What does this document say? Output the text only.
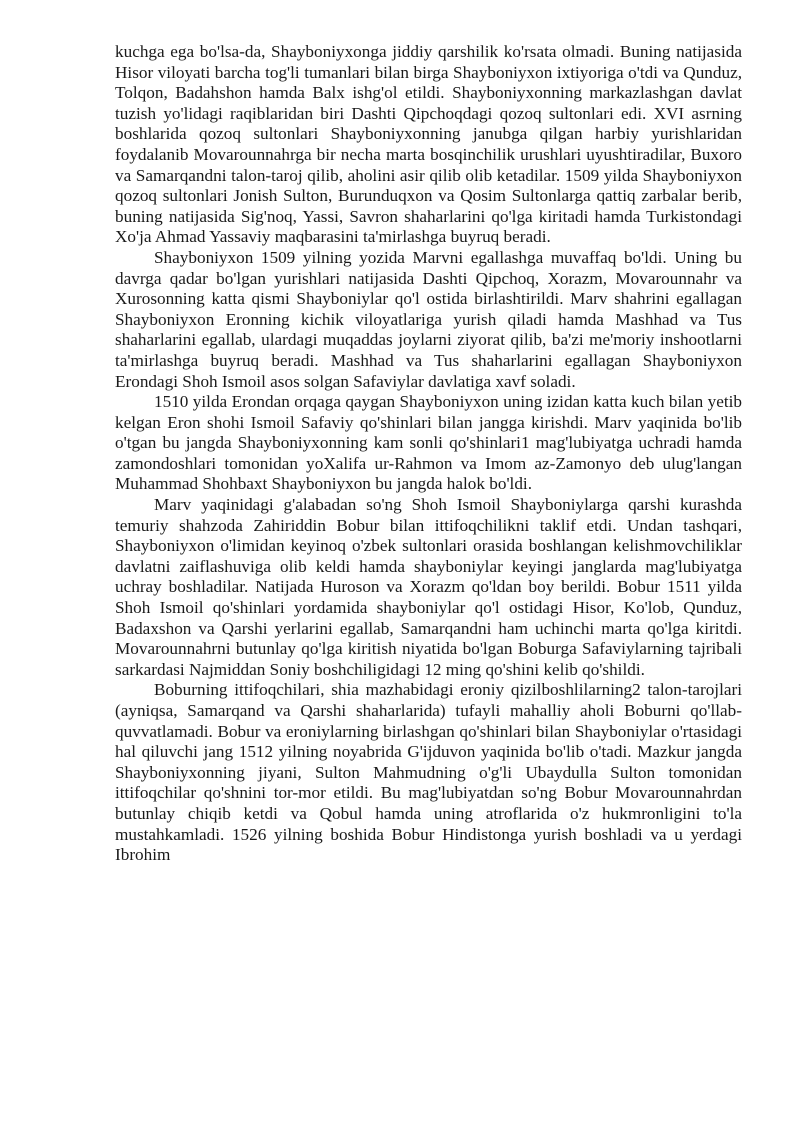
kuchga ega bo'lsa-da, Shayboniyxonga jiddiy qarshilik ko'rsata olmadi. Buning natijasida Hisor viloyati barcha tog'li tumanlari bilan birga Shayboniyxon ixtiyoriga o'tdi va Qunduz, Tolqon, Badahshon hamda Balx ishg'ol etildi. Shayboniyxonning markazlashgan davlat tuzish yo'lidagi raqiblaridan biri Dashti Qipchoqdagi qozoq sultonlari edi. XVI asrning boshlarida qozoq sultonlari Shayboniyxonning janubga qilgan harbiy yurishlaridan foydalanib Movarounnahrga bir necha marta bosqinchilik urushlari uyushtiradilar, Buxoro va Samarqandni talon-taroj qilib, aholini asir qilib olib ketadilar. 1509 yilda Shayboniyxon qozoq sultonlari Jonish Sulton, Burunduqxon va Qosim Sultonlarga qattiq zarbalar berib, buning natijasida Sig'noq, Yassi, Savron shaharlarini qo'lga kiritadi hamda Turkistondagi Xo'ja Ahmad Yassaviy maqbarasini ta'mirlashga buyruq beradi.

Shayboniyxon 1509 yilning yozida Marvni egallashga muvaffaq bo'ldi. Uning bu davrga qadar bo'lgan yurishlari natijasida Dashti Qipchoq, Xorazm, Movarounnahr va Xurosonning katta qismi Shayboniylar qo'l ostida birlashtirildi. Marv shahrini egallagan Shayboniyxon Eronning kichik viloyatlariga yurish qiladi hamda Mashhad va Tus shaharlarini egallab, ulardagi muqaddas joylarni ziyorat qilib, ba'zi me'moriy inshootlarni ta'mirlashga buyruq beradi. Mashhad va Tus shaharlarini egallagan Shayboniyxon Erondagi Shoh Ismoil asos solgan Safaviylar davlatiga xavf soladi.

1510 yilda Erondan orqaga qaygan Shayboniyxon uning izidan katta kuch bilan yetib kelgan Eron shohi Ismoil Safaviy qo'shinlari bilan jangga kirishdi. Marv yaqinida bo'lib o'tgan bu jangda Shayboniyxonning kam sonli qo'shinlari1 mag'lubiyatga uchradi hamda zamondoshlari tomonidan yoXalifa ur-Rahmon va Imom az-Zamonyo deb ulug'langan Muhammad Shohbaxt Shayboniyxon bu jangda halok bo'ldi.

Marv yaqinidagi g'alabadan so'ng Shoh Ismoil Shayboniylarga qarshi kurashda temuriy shahzoda Zahiriddin Bobur bilan ittifoqchilikni taklif etdi. Undan tashqari, Shayboniyxon o'limidan keyinoq o'zbek sultonlari orasida boshlangan kelishmovchiliklar davlatni zaiflashuviga olib keldi hamda shayboniylar keyingi janglarda mag'lubiyatga uchray boshladilar. Natijada Huroson va Xorazm qo'ldan boy berildi. Bobur 1511 yilda Shoh Ismoil qo'shinlari yordamida shayboniylar qo'l ostidagi Hisor, Ko'lob, Qunduz, Badaxshon va Qarshi yerlarini egallab, Samarqandni ham uchinchi marta qo'lga kiritdi. Movarounnahrni butunlay qo'lga kiritish niyatida bo'lgan Boburga Safaviylarning tajribali sarkardasi Najmiddan Soniy boshchiligidagi 12 ming qo'shini kelib qo'shildi.

Boburning ittifoqchilari, shia mazhabidagi eroniy qizilboshlilarning2 talon-tarojlari (ayniqsa, Samarqand va Qarshi shaharlarida) tufayli mahalliy aholi Boburni qo'llab-quvvatlamadi. Bobur va eroniylarning birlashgan qo'shinlari bilan Shayboniylar o'rtasidagi hal qiluvchi jang 1512 yilning noyabrida G'ijduvon yaqinida bo'lib o'tadi. Mazkur jangda Shayboniyxonning jiyani, Sulton Mahmudning o'g'li Ubaydulla Sulton tomonidan ittifoqchilar qo'shnini tor-mor etildi. Bu mag'lubiyatdan so'ng Bobur Movarounnahrdan butunlay chiqib ketdi va Qobul hamda uning atroflarida o'z hukmronligini to'la mustahkamladi. 1526 yilning boshida Bobur Hindistonga yurish boshladi va u yerdagi Ibrohim
